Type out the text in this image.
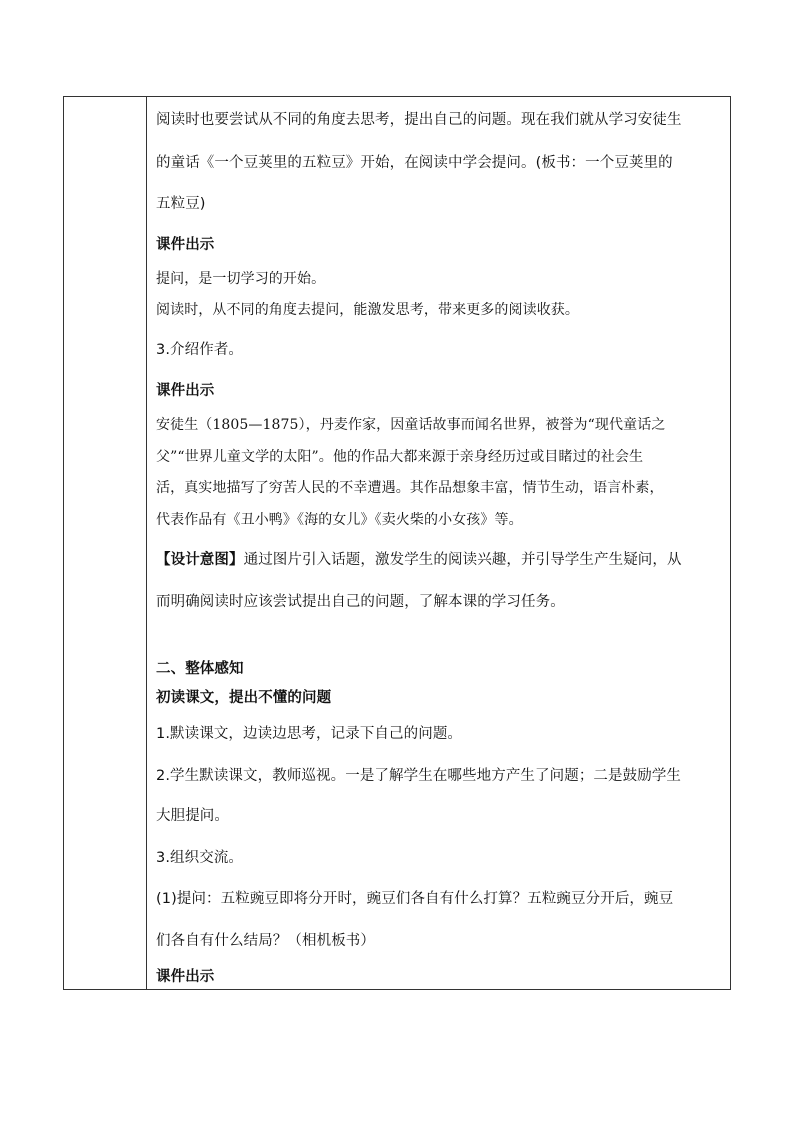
阅读时也要尝试从不同的角度去思考，提出自己的问题。现在我们就从学习安徒生
的童话《一个豆荚里的五粒豆》开始，在阅读中学会提问。(板书：一个豆荚里的
五粒豆)
课件出示
提问，是一切学习的开始。
阅读时，从不同的角度去提问，能激发思考，带来更多的阅读收获。
3.介绍作者。
课件出示
安徒生（1805—1875），丹麦作家，因童话故事而闻名世界，被誉为“现代童话之
父”“世界儿童文学的太阳”。他的作品大都来源于亲身经历过或目睹过的社会生
活，真实地描写了穷苦人民的不幸遭遇。其作品想象丰富，情节生动，语言朴素，
代表作品有《丑小鸭》《海的女儿》《卖火柴的小女孩》等。
【设计意图】通过图片引入话题，激发学生的阅读兴趣，并引导学生产生疑问，从
而明确阅读时应该尝试提出自己的问题，了解本课的学习任务。
二、整体感知
初读课文，提出不懂的问题
1.默读课文，边读边思考，记录下自己的问题。
2.学生默读课文，教师巡视。一是了解学生在哪些地方产生了问题；二是鼓励学生
大胆提问。
3.组织交流。
(1)提问：五粒豌豆即将分开时，豌豆们各自有什么打算？五粒豌豆分开后，豌豆
们各自有什么结局？（相机板书）
课件出示
